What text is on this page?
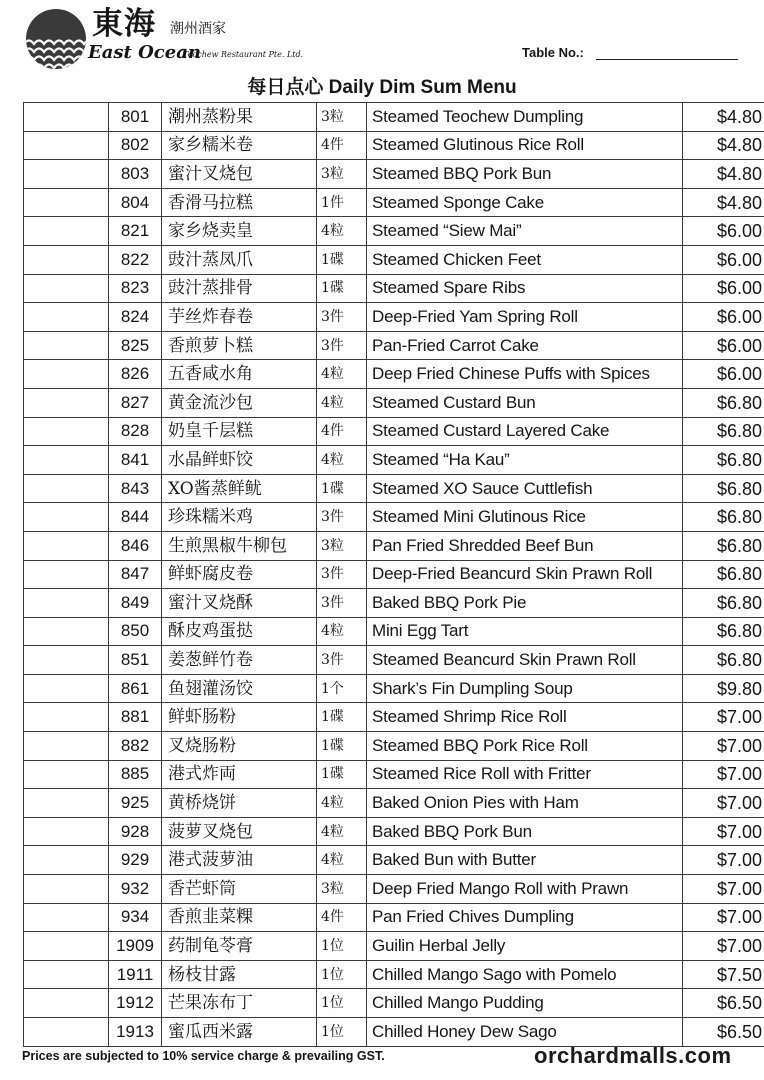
東海 潮州酒家
East Ocean
Teochew Restaurant Pte. Ltd.	Table No.:
每日点心 Daily Dim Sum Menu
	801	潮州蒸粉果	3粒	Steamed Teochew Dumpling	$4.80
	802	家乡糯米卷	4件	Steamed Glutinous Rice Roll	$4.80
	803	蜜汁叉烧包	3粒	Steamed BBQ Pork Bun	$4.80
	804	香滑马拉糕	1件	Steamed Sponge Cake	$4.80
	821	家乡烧卖皇	4粒	Steamed “Siew Mai”	$6.00
	822	豉汁蒸凤爪	1碟	Steamed Chicken Feet	$6.00
	823	豉汁蒸排骨	1碟	Steamed Spare Ribs	$6.00
	824	芋丝炸春卷	3件	Deep-Fried Yam Spring Roll	$6.00
	825	香煎萝卜糕	3件	Pan-Fried Carrot Cake	$6.00
	826	五香咸水角	4粒	Deep Fried Chinese Puffs with Spices	$6.00
	827	黄金流沙包	4粒	Steamed Custard Bun	$6.80
	828	奶皇千层糕	4件	Steamed Custard Layered Cake	$6.80
	841	水晶鲜虾饺	4粒	Steamed “Ha Kau”	$6.80
	843	XO酱蒸鲜鱿	1碟	Steamed XO Sauce Cuttlefish	$6.80
	844	珍珠糯米鸡	3件	Steamed Mini Glutinous Rice	$6.80
	846	生煎黑椒牛柳包	3粒	Pan Fried Shredded Beef Bun	$6.80
	847	鲜虾腐皮卷	3件	Deep-Fried Beancurd Skin Prawn Roll	$6.80
	849	蜜汁叉烧酥	3件	Baked BBQ Pork Pie	$6.80
	850	酥皮鸡蛋挞	4粒	Mini Egg Tart	$6.80
	851	姜葱鲜竹卷	3件	Steamed Beancurd Skin Prawn Roll	$6.80
	861	鱼翅灌汤饺	1个	Shark’s Fin Dumpling Soup	$9.80
	881	鲜虾肠粉	1碟	Steamed Shrimp Rice Roll	$7.00
	882	叉烧肠粉	1碟	Steamed BBQ Pork Rice Roll	$7.00
	885	港式炸両	1碟	Steamed Rice Roll with Fritter	$7.00
	925	黄桥烧饼	4粒	Baked Onion Pies with Ham	$7.00
	928	菠萝叉烧包	4粒	Baked BBQ Pork Bun	$7.00
	929	港式菠萝油	4粒	Baked Bun with Butter	$7.00
	932	香芒虾筒	3粒	Deep Fried Mango Roll with Prawn	$7.00
	934	香煎韭菜粿	4件	Pan Fried Chives Dumpling	$7.00
	1909	药制龟苓膏	1位	Guilin Herbal Jelly	$7.00
	1911	杨枝甘露	1位	Chilled Mango Sago with Pomelo	$7.50
	1912	芒果冻布丁	1位	Chilled Mango Pudding	$6.50
	1913	蜜瓜西米露	1位	Chilled Honey Dew Sago	$6.50
Prices are subjected to 10% service charge & prevailing GST.	orchardmalls.com
